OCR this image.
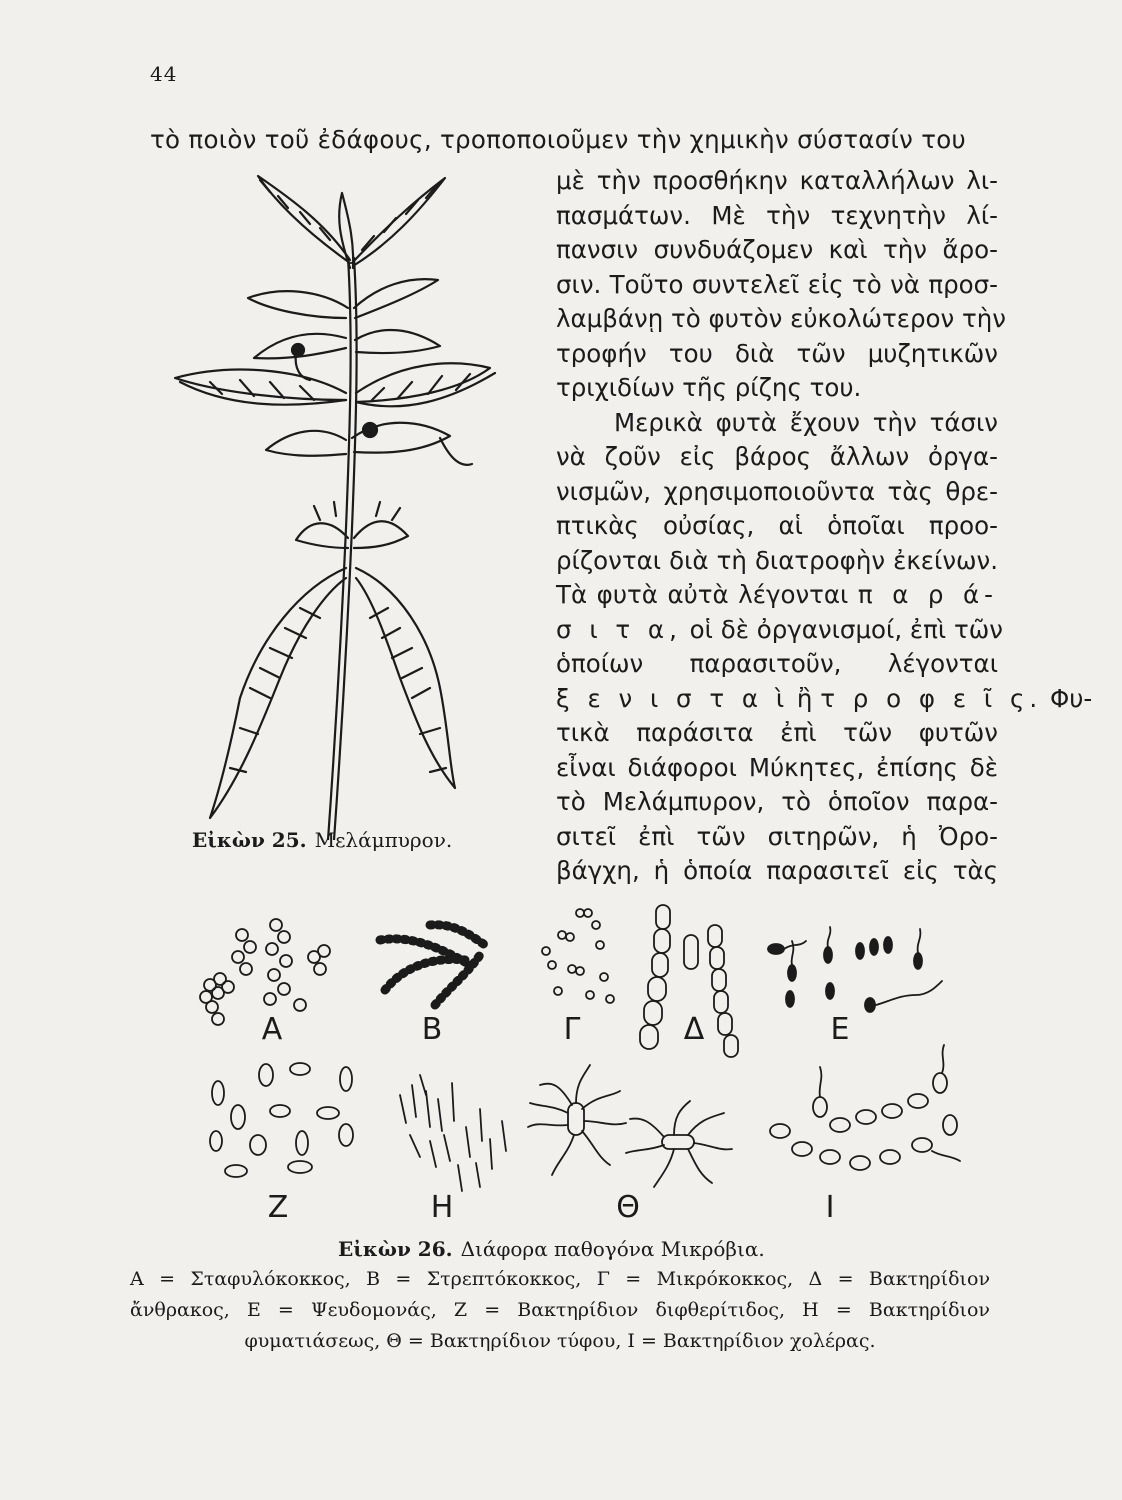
44
τὸ ποιὸν τοῦ ἐδάφους, τροποποιοῦμεν τὴν χημικὴν σύστασίν του
μὲ τὴν προσθήκην καταλλήλων λι-
πασμάτων. Μὲ τὴν τεχνητὴν λί-
πανσιν συνδυάζομεν καὶ τὴν ἄρο-
σιν. Τοῦτο συντελεῖ εἰς τὸ νὰ προσ-
λαμβάνῃ τὸ φυτὸν εὐκολώτερον τὴν
τροφήν του διὰ τῶν μυζητικῶν
τριχιδίων τῆς ρίζης του.
Μερικὰ φυτὰ ἔχουν τὴν τάσιν
νὰ ζοῦν εἰς βάρος ἄλλων ὀργα-
νισμῶν, χρησιμοποιοῦντα τὰς θρε-
πτικὰς οὐσίας, αἱ ὁποῖαι προο-
ρίζονται διὰ τὴ διατροφὴν ἐκείνων.
Τὰ φυτὰ αὐτὰ λέγονται π α ρ ά-
σ ι τ α, οἱ δὲ ὀργανισμοί, ἐπὶ τῶν
ὁποίων παρασιτοῦν, λέγονται
ξ ε ν ι σ τ α ὶ ἢ τ ρ ο φ ε ῖ ς. Φυ-
τικὰ παράσιτα ἐπὶ τῶν φυτῶν
εἶναι διάφοροι Μύκητες, ἐπίσης δὲ
τὸ Μελάμπυρον, τὸ ὁποῖον παρα-
σιτεῖ ἐπὶ τῶν σιτηρῶν, ἡ Ὀρο-
βάγχη, ἡ ὁποία παρασιτεῖ εἰς τὰς
Εἰκὼν 25. Μελάμπυρον.
Α	Β	Γ	Δ	Ε
Ζ	Η	Θ	Ι
Εἰκὼν 26. Διάφορα παθογόνα Μικρόβια.
Α = Σταφυλόκοκκος, Β = Στρεπτόκοκκος, Γ = Μικρόκοκκος, Δ = Βακτηρίδιον
ἄνθρακος, Ε = Ψευδομονάς, Ζ = Βακτηρίδιον διφθερίτιδος, Η = Βακτηρίδιον
φυματιάσεως, Θ = Βακτηρίδιον τύφου, Ι = Βακτηρίδιον χολέρας.
